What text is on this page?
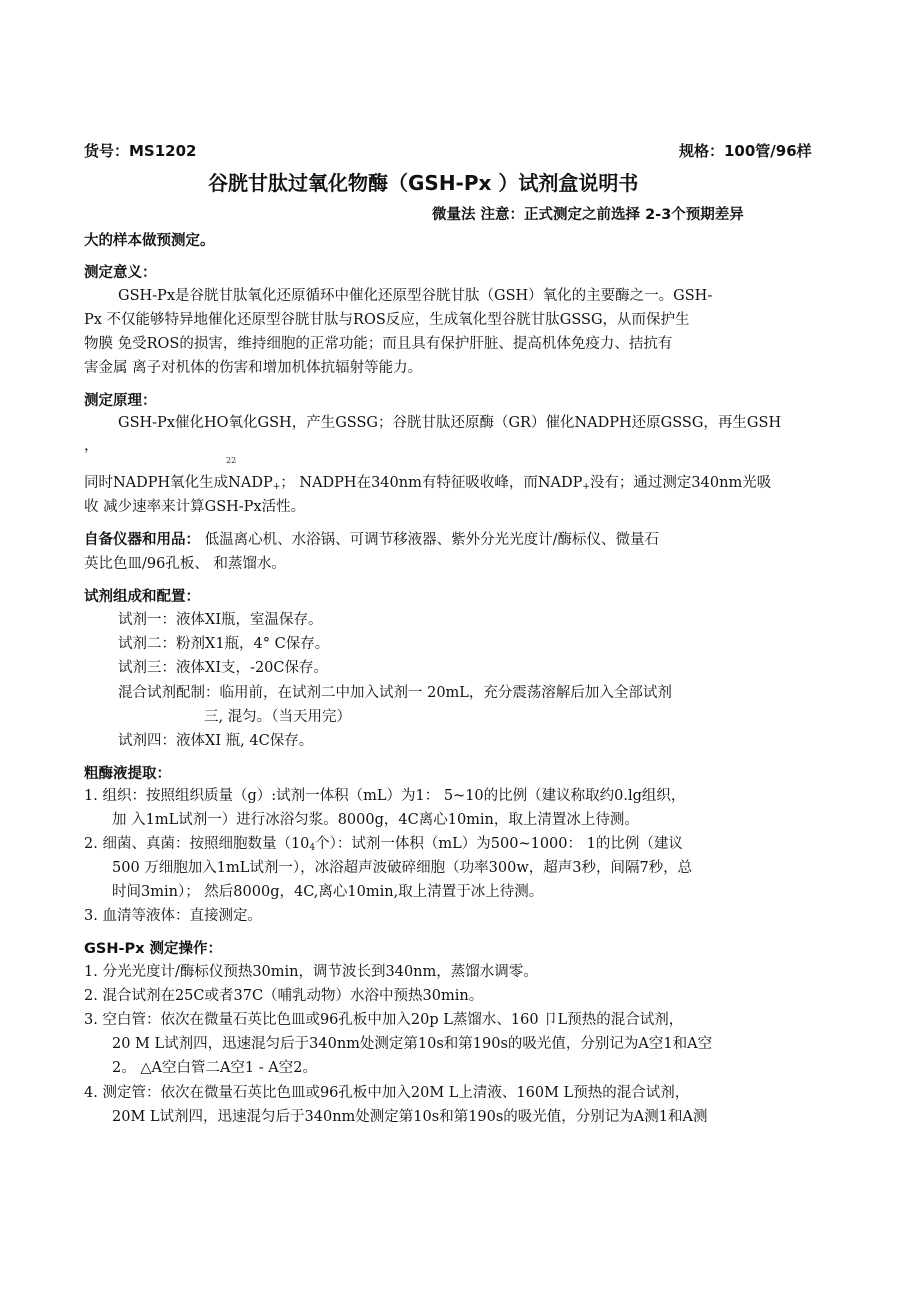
货号：MS1202	规格：100管/96样
谷胱甘肽过氧化物酶（GSH-Px ）试剂盒说明书
微量法 注意：正式测定之前选择 2-3个预期差异
大的样本做预测定。
测定意义：
GSH-Px是谷胱甘肽氧化还原循环中催化还原型谷胱甘肽（GSH）氧化的主要酶之一。GSH-
Px 不仅能够特异地催化还原型谷胱甘肽与ROS反应，生成氧化型谷胱甘肽GSSG，从而保护生
物膜 免受ROS的损害，维持细胞的正常功能；而且具有保护肝脏、提高机体免疫力、拮抗有
害金属 离子对机体的伤害和增加机体抗辐射等能力。
测定原理：
GSH-Px催化HO氧化GSH，产生GSSG；谷胱甘肽还原酶（GR）催化NADPH还原GSSG，再生GSH
，
22
同时NADPH氧化生成$NADP_+$； NADPH在340nm有特征吸收峰，而$NADP_+$没有；通过测定340nm光吸
收 减少速率来计算GSH-Px活性。
自备仪器和用品： 低温离心机、水浴锅、可调节移液器、紫外分光光度计/酶标仪、微量石
英比色皿/96孔板、 和蒸馏水。
试剂组成和配置：
试剂一：液体XI瓶，室温保存。
试剂二：粉剂X1瓶，4° C保存。
试剂三：液体XI支，-20C保存。
混合试剂配制：临用前，在试剂二中加入试剂一 20mL，充分震荡溶解后加入全部试剂
三, 混匀。（当天用完）
试剂四：液体XI 瓶, 4C保存。
粗酶液提取：
1. 组织：按照组织质量（g）:试剂一体积（mL）为1： 5~10的比例（建议称取约0.lg组织，
加 入1mL试剂一）进行冰浴匀浆。8000g，4C离心10min，取上清置冰上待测。
2. 细菌、真菌：按照细胞数量（$10_4$个）：试剂一体积（mL）为500~1000： 1的比例（建议
500 万细胞加入1mL试剂一），冰浴超声波破碎细胞（功率300w，超声3秒，间隔7秒，总
时间3min）； 然后8000g，4C,离心10min,取上清置于冰上待测。
3. 血清等液体：直接测定。
GSH-Px 测定操作：
1. 分光光度计/酶标仪预热30min，调节波长到340nm，蒸馏水调零。
2. 混合试剂在25C或者37C（哺乳动物）水浴中预热30min。
3. 空白管：依次在微量石英比色皿或96孔板中加入20p L蒸馏水、160 卩L预热的混合试剂，
20 M L试剂四，迅速混匀后于340nm处测定第10s和第190s的吸光值，分别记为A空1和A空
2。 △A空白管二A空1 - A空2。
4. 测定管：依次在微量石英比色皿或96孔板中加入20M L上清液、160M L预热的混合试剂，
20M L试剂四，迅速混匀后于340nm处测定第10s和第190s的吸光值，分别记为A测1和A测
